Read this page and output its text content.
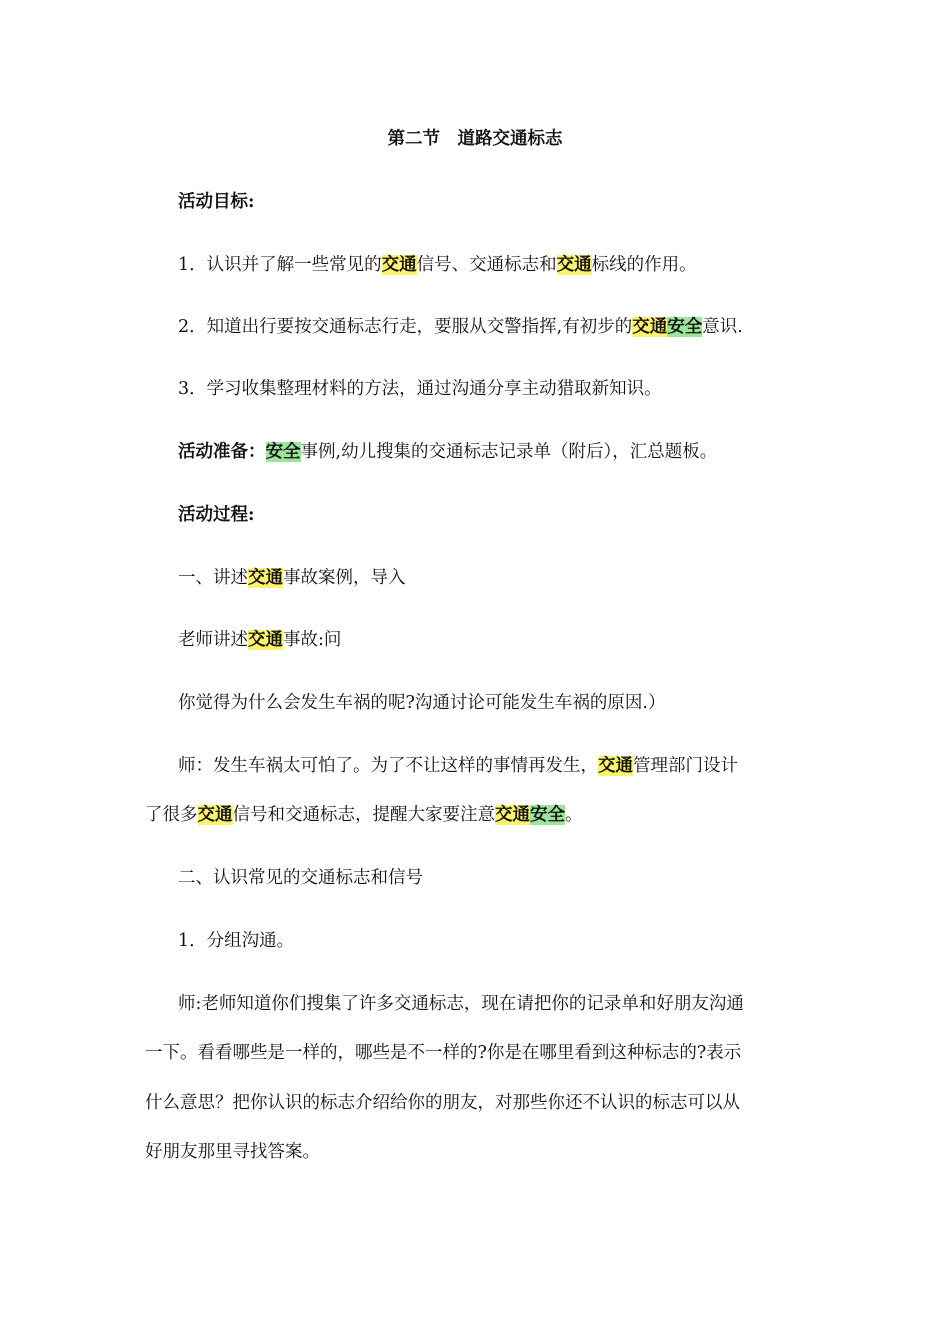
第二节　道路交通标志
活动目标:
1．认识并了解一些常见的交通信号、交通标志和交通标线的作用。
2．知道出行要按交通标志行走，要服从交警指挥,有初步的交通安全意识.
3．学习收集整理材料的方法，通过沟通分享主动猎取新知识。
活动准备：安全事例,幼儿搜集的交通标志记录单（附后），汇总题板。
活动过程:
一、讲述交通事故案例，导入
老师讲述交通事故:问
你觉得为什么会发生车祸的呢?沟通讨论可能发生车祸的原因.）
师：发生车祸太可怕了。为了不让这样的事情再发生，交通管理部门设计
了很多交通信号和交通标志，提醒大家要注意交通安全。
二、认识常见的交通标志和信号
1．分组沟通。
师:老师知道你们搜集了许多交通标志，现在请把你的记录单和好朋友沟通
一下。看看哪些是一样的，哪些是不一样的?你是在哪里看到这种标志的?表示
什么意思？把你认识的标志介绍给你的朋友，对那些你还不认识的标志可以从
好朋友那里寻找答案。
